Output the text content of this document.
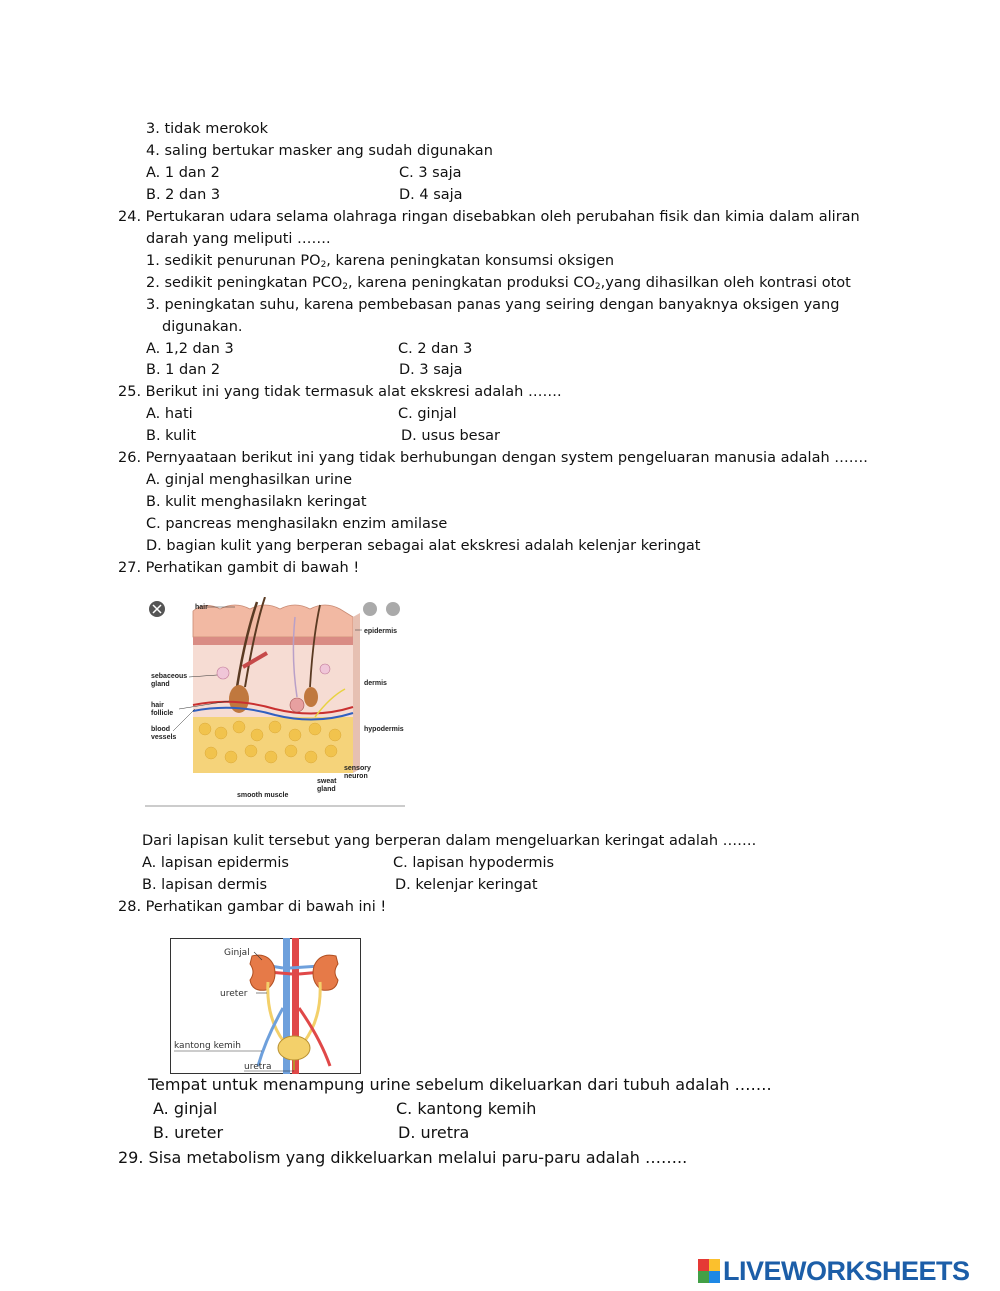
3. tidak merokok
4. saling bertukar masker ang sudah digunakan
A. 1 dan 2	C. 3 saja
B. 2 dan 3	D. 4 saja
24. Pertukaran udara selama olahraga ringan disebabkan oleh perubahan fisik dan kimia dalam aliran
darah yang meliputi …….
1. sedikit penurunan $PO_2$, karena peningkatan konsumsi oksigen
2. sedikit peningkatan $PCO_2$, karena peningkatan produksi $CO_2,yang$ dihasilkan oleh kontrasi otot
3. peningkatan suhu, karena pembebasan panas yang seiring dengan banyaknya oksigen yang
digunakan.
A. 1,2 dan 3	C. 2 dan 3
B. 1 dan 2	D. 3 saja
25. Berikut ini yang tidak termasuk alat ekskresi adalah …….
A. hati	C. ginjal
B. kulit	D. usus besar
26. Pernyaataan berikut ini yang tidak berhubungan dengan system pengeluaran manusia adalah …….
A. ginjal menghasilkan urine
B. kulit menghasilakn keringat
C. pancreas menghasilakn enzim amilase
D. bagian kulit yang berperan sebagai alat ekskresi adalah kelenjar keringat
27. Perhatikan gambit di bawah !
hair
epidermis
sebaceous
gland	dermis
hair
follicle
blood
vessels
hypodermis
sensory
neuron
sweat
gland
smooth muscle
Dari lapisan kulit tersebut yang berperan dalam mengeluarkan keringat adalah …….
A. lapisan epidermis	C. lapisan hypodermis
B. lapisan dermis	D. kelenjar keringat
28. Perhatikan gambar di bawah ini !
Ginjal
ureter
kantong kemih
uretra
Tempat untuk menampung urine sebelum dikeluarkan dari tubuh adalah …….
A. ginjal	C. kantong kemih
B. ureter	D. uretra
29. Sisa metabolism yang dikkeluarkan melalui paru-paru adalah ……..
LIVEWORKSHEETS
